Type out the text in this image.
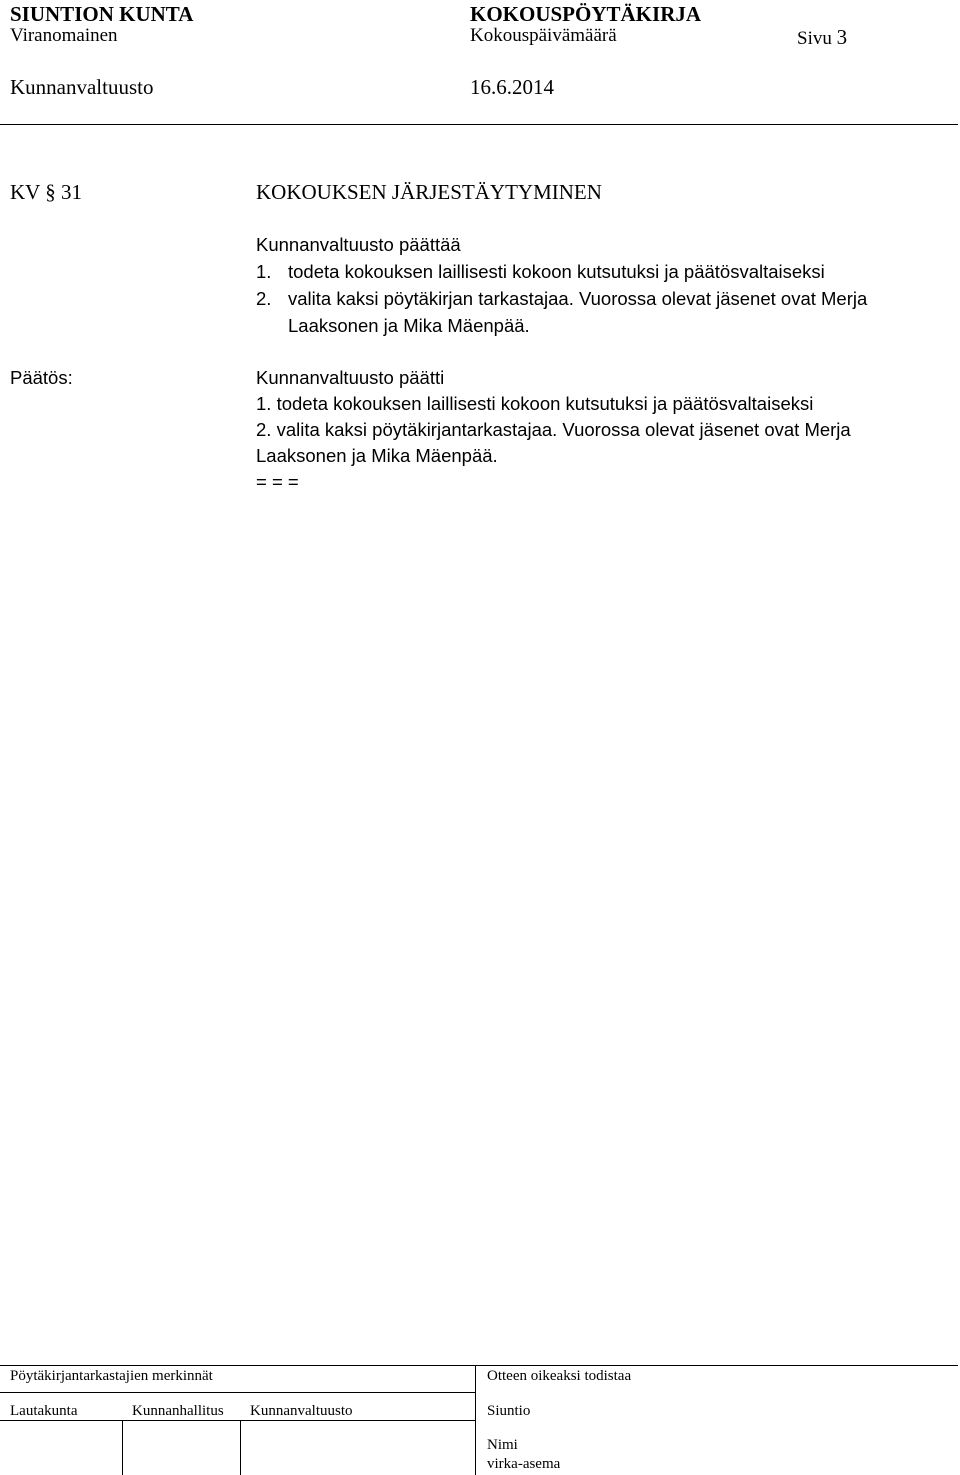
SIUNTION KUNTA	KOKOUSPÖYTÄKIRJA
Viranomainen	Kokouspäivämäärä	Sivu 3
Kunnanvaltuusto	16.6.2014
KV § 31	KOKOUKSEN JÄRJESTÄYTYMINEN
Kunnanvaltuusto päättää
1. todeta kokouksen laillisesti kokoon kutsutuksi ja päätösvaltaiseksi
2. valita kaksi pöytäkirjan tarkastajaa. Vuorossa olevat jäsenet ovat Merja
Laaksonen ja Mika Mäenpää.
Päätös:	Kunnanvaltuusto päätti
1. todeta kokouksen laillisesti kokoon kutsutuksi ja päätösvaltaiseksi
2. valita kaksi pöytäkirjantarkastajaa. Vuorossa olevat jäsenet ovat Merja
Laaksonen ja Mika Mäenpää.
= = =
Pöytäkirjantarkastajien merkinnät	Otteen oikeaksi todistaa
Lautakunta	Kunnanhallitus Kunnanvaltuusto	Siuntio
Nimi
virka-asema
